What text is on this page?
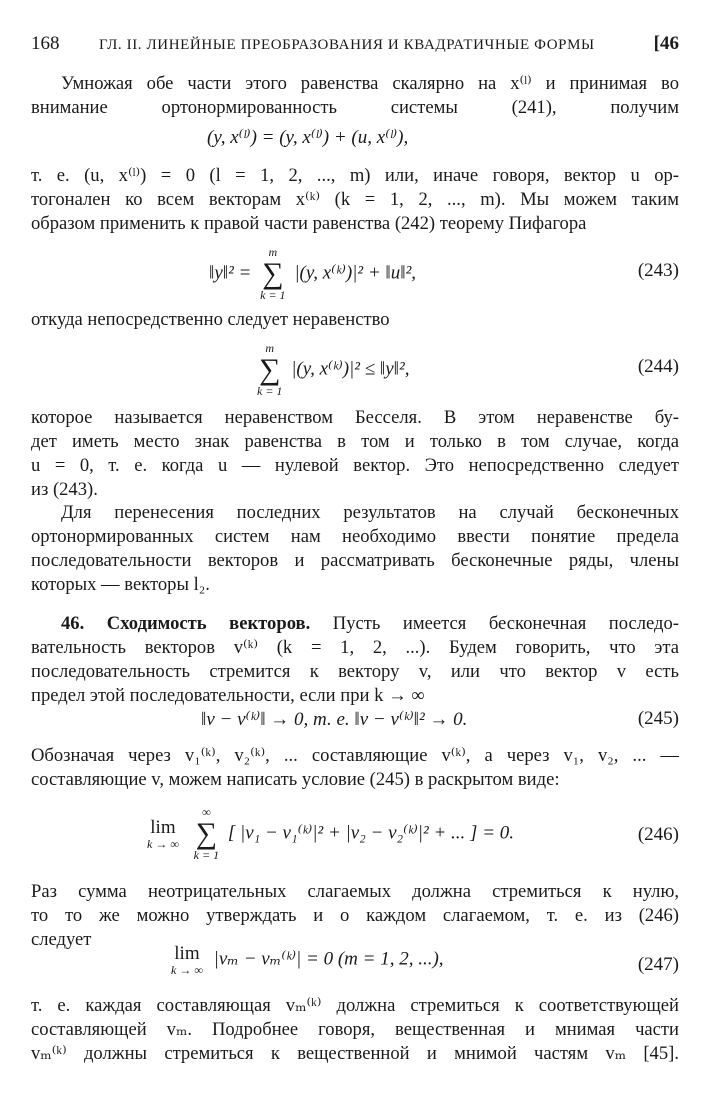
168	ГЛ. II. ЛИНЕЙНЫЕ ПРЕОБРАЗОВАНИЯ И КВАДРАТИЧНЫЕ ФОРМЫ	[46
Умножая обе части этого равенства скалярно на x⁽ˡ⁾ и принимая во
внимание ортонормированность системы (241), получим
(y, x⁽ˡ⁾) = (y, x⁽ˡ⁾) + (u, x⁽ˡ⁾),
т. е. (u, x⁽ˡ⁾) = 0 (l = 1, 2, ..., m) или, иначе говоря, вектор u ор-
тогонален ко всем векторам x⁽ᵏ⁾ (k = 1, 2, ..., m). Мы можем таким
образом применить к правой части равенства (242) теорему Пифагора
‖y‖² =
m
∑
k = 1
|(y, x⁽ᵏ⁾)|² + ‖u‖²,	(243)
откуда непосредственно следует неравенство
m
∑
k = 1
|(y, x⁽ᵏ⁾)|² ≤ ‖y‖²,	(244)
которое называется неравенством Бесселя. В этом неравенстве бу-
дет иметь место знак равенства в том и только в том случае, когда
u = 0, т. е. когда u — нулевой вектор. Это непосредственно следует
из (243).
Для перенесения последних результатов на случай бесконечных
ортонормированных систем нам необходимо ввести понятие предела
последовательности векторов и рассматривать бесконечные ряды, члены
которых — векторы l₂.
46. Сходимость векторов. Пусть имеется бесконечная последо-
вательность векторов v⁽ᵏ⁾ (k = 1, 2, ...). Будем говорить, что эта
последовательность стремится к вектору v, или что вектор v есть
предел этой последовательности, если при k → ∞
‖v − v⁽ᵏ⁾‖ → 0, т. е. ‖v − v⁽ᵏ⁾‖² → 0.	(245)
Обозначая через v₁⁽ᵏ⁾, v₂⁽ᵏ⁾, ... составляющие v⁽ᵏ⁾, а через v₁, v₂, ... —
составляющие v, можем написать условие (245) в раскрытом виде:
lim
k → ∞

∞
∑
k = 1
[ |v₁ − v₁⁽ᵏ⁾|² + |v₂ − v₂⁽ᵏ⁾|² + ... ] = 0.	(246)
Раз сумма неотрицательных слагаемых должна стремиться к нулю,
то то же можно утверждать и о каждом слагаемом, т. е. из (246)
следует
lim
k → ∞
|vₘ − vₘ⁽ᵏ⁾| = 0 (m = 1, 2, ...),	(247)
т. е. каждая составляющая vₘ⁽ᵏ⁾ должна стремиться к соответствующей
составляющей vₘ. Подробнее говоря, вещественная и мнимая части
vₘ⁽ᵏ⁾ должны стремиться к вещественной и мнимой частям vₘ [45].
